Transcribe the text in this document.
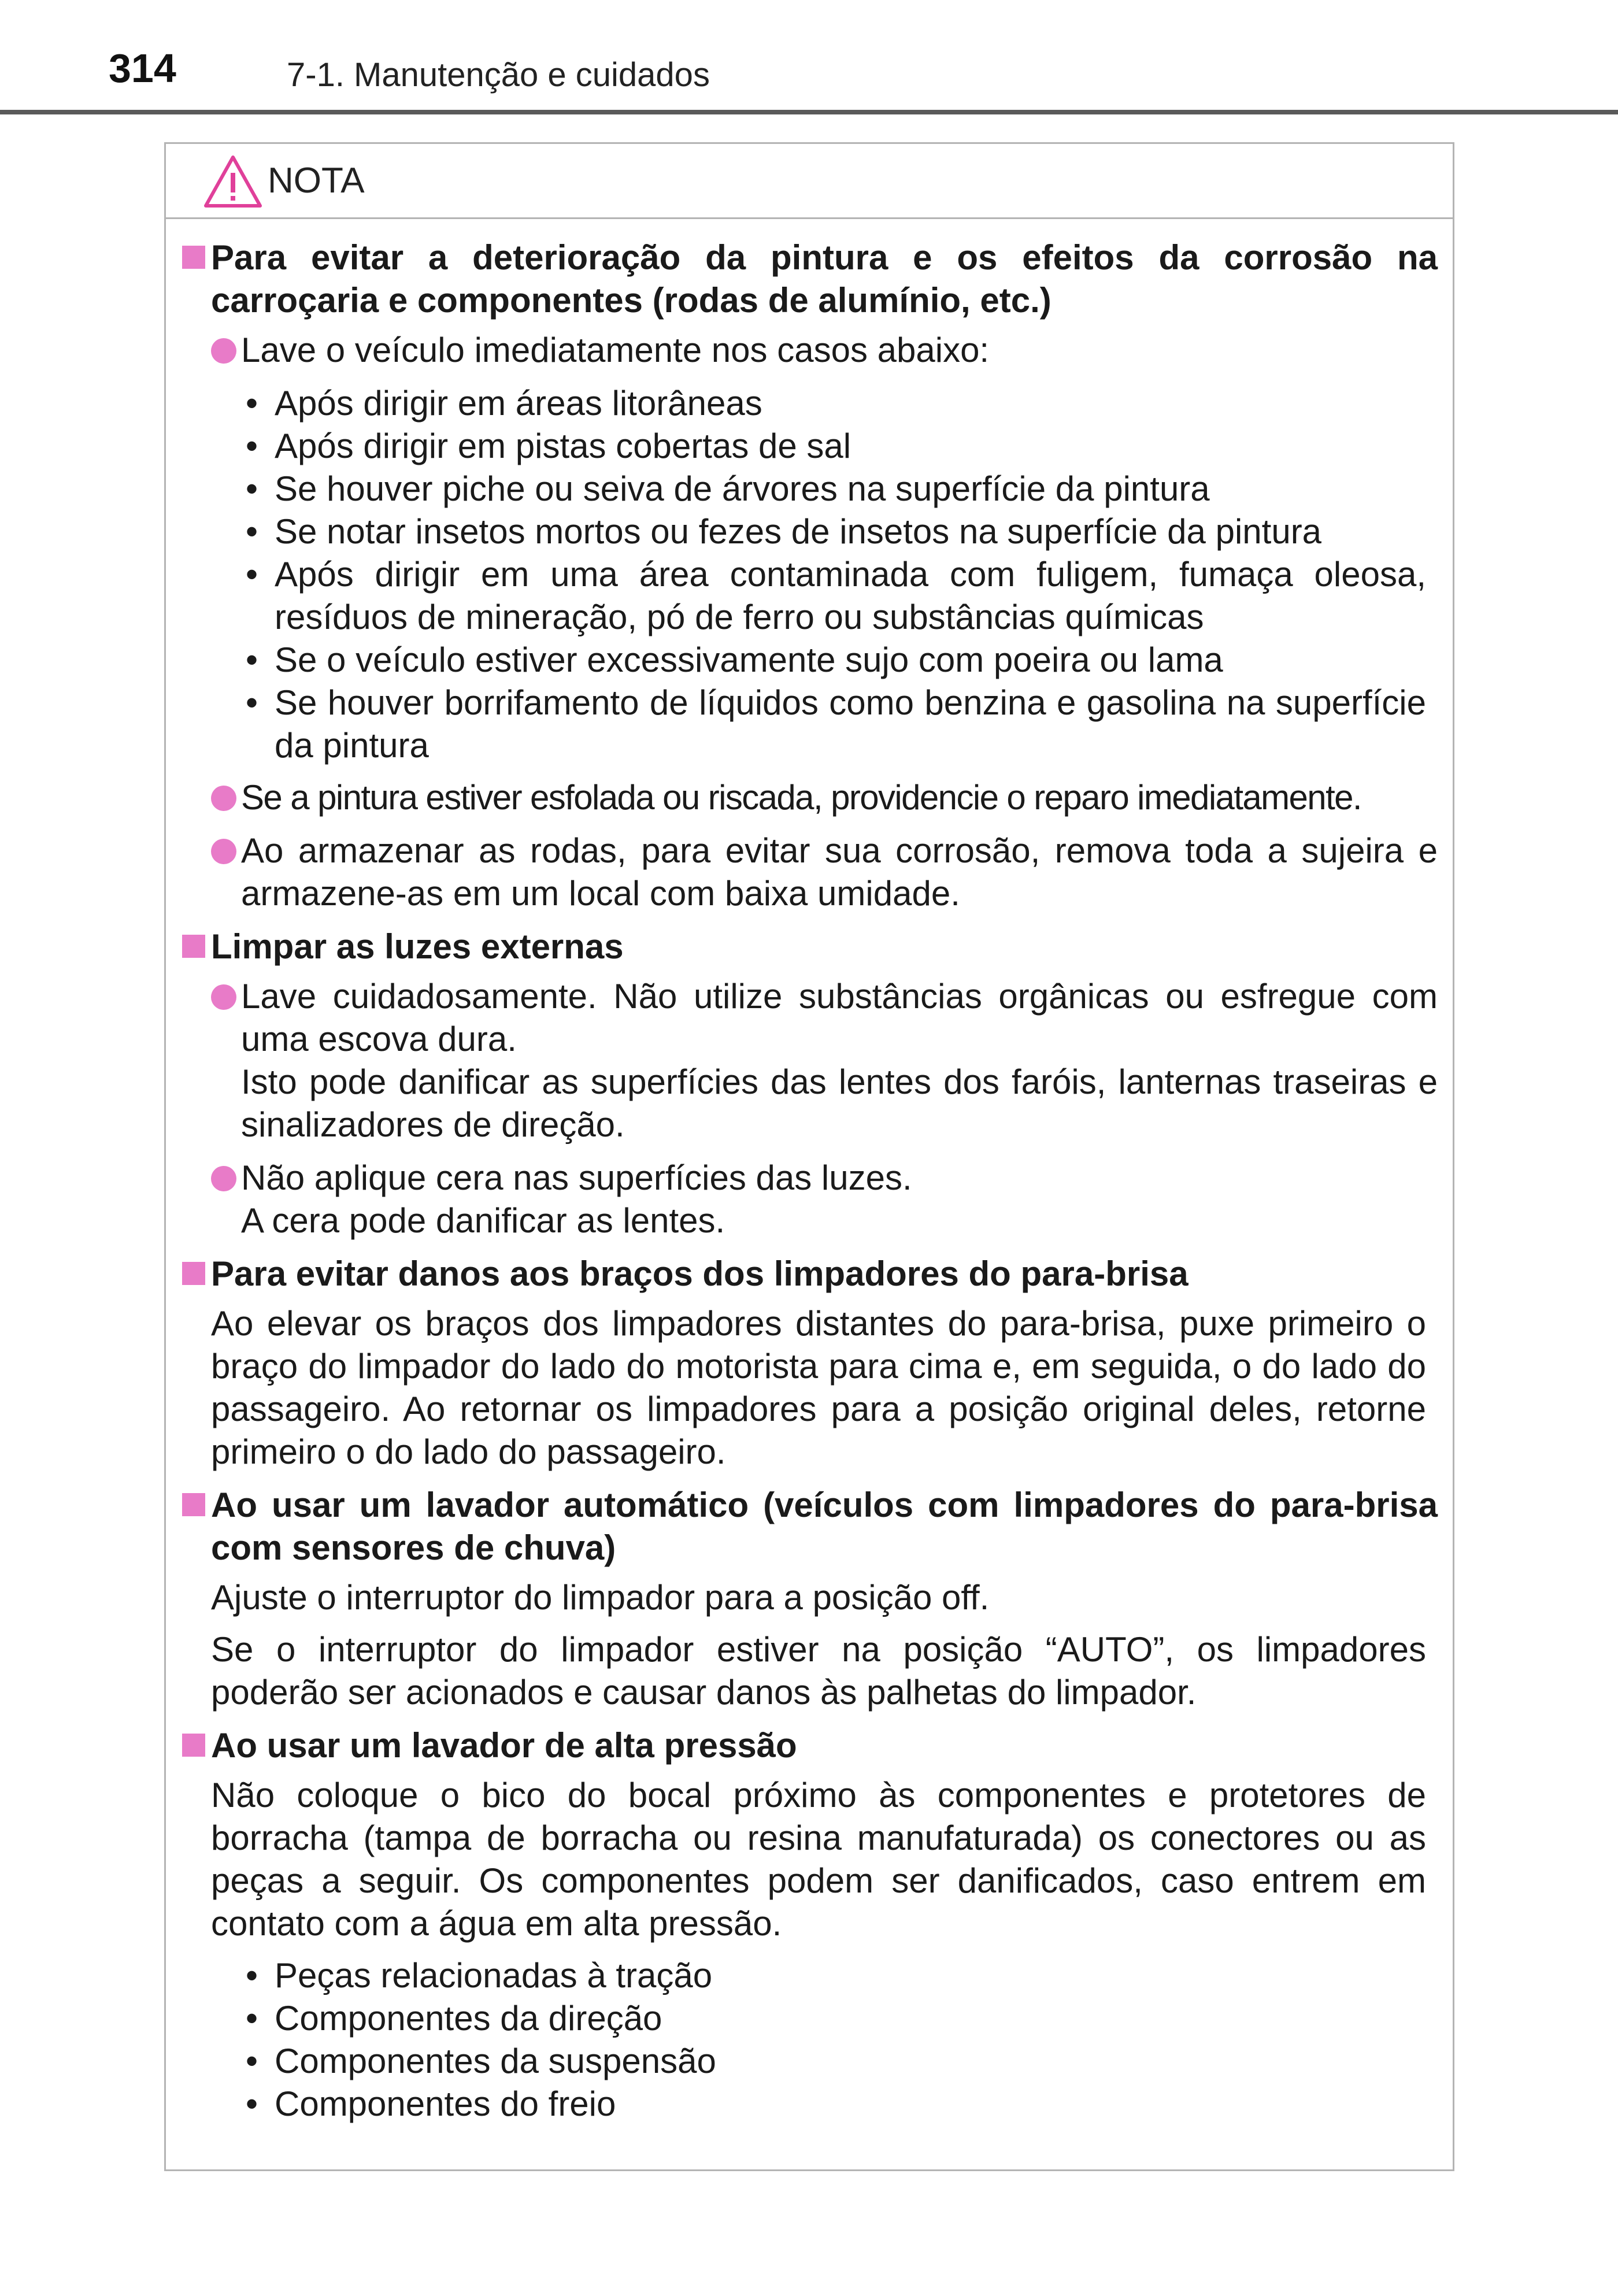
314	7-1. Manutenção e cuidados
NOTA
Para evitar a deterioração da pintura e os efeitos da corrosão na carroçaria e componentes (rodas de alumínio, etc.)
Lave o veículo imediatamente nos casos abaixo:
• Após dirigir em áreas litorâneas
• Após dirigir em pistas cobertas de sal
• Se houver piche ou seiva de árvores na superfície da pintura
• Se notar insetos mortos ou fezes de insetos na superfície da pintura
• Após dirigir em uma área contaminada com fuligem, fumaça oleosa, resíduos de mineração, pó de ferro ou substâncias químicas
• Se o veículo estiver excessivamente sujo com poeira ou lama
• Se houver borrifamento de líquidos como benzina e gasolina na superfície da pintura
Se a pintura estiver esfolada ou riscada, providencie o reparo imediatamente.
Ao armazenar as rodas, para evitar sua corrosão, remova toda a sujeira e armazene-as em um local com baixa umidade.
Limpar as luzes externas
Lave cuidadosamente. Não utilize substâncias orgânicas ou esfregue com uma escova dura.
Isto pode danificar as superfícies das lentes dos faróis, lanternas traseiras e sinalizadores de direção.
Não aplique cera nas superfícies das luzes.
A cera pode danificar as lentes.
Para evitar danos aos braços dos limpadores do para-brisa
Ao elevar os braços dos limpadores distantes do para-brisa, puxe primeiro o braço do limpador do lado do motorista para cima e, em seguida, o do lado do passageiro. Ao retornar os limpadores para a posição original deles, retorne primeiro o do lado do passageiro.
Ao usar um lavador automático (veículos com limpadores do para-brisa com sensores de chuva)
Ajuste o interruptor do limpador para a posição off.
Se o interruptor do limpador estiver na posição “AUTO”, os limpadores poderão ser acionados e causar danos às palhetas do limpador.
Ao usar um lavador de alta pressão
Não coloque o bico do bocal próximo às componentes e protetores de borracha (tampa de borracha ou resina manufaturada) os conectores ou as peças a seguir. Os componentes podem ser danificados, caso entrem em contato com a água em alta pressão.
• Peças relacionadas à tração
• Componentes da direção
• Componentes da suspensão
• Componentes do freio
